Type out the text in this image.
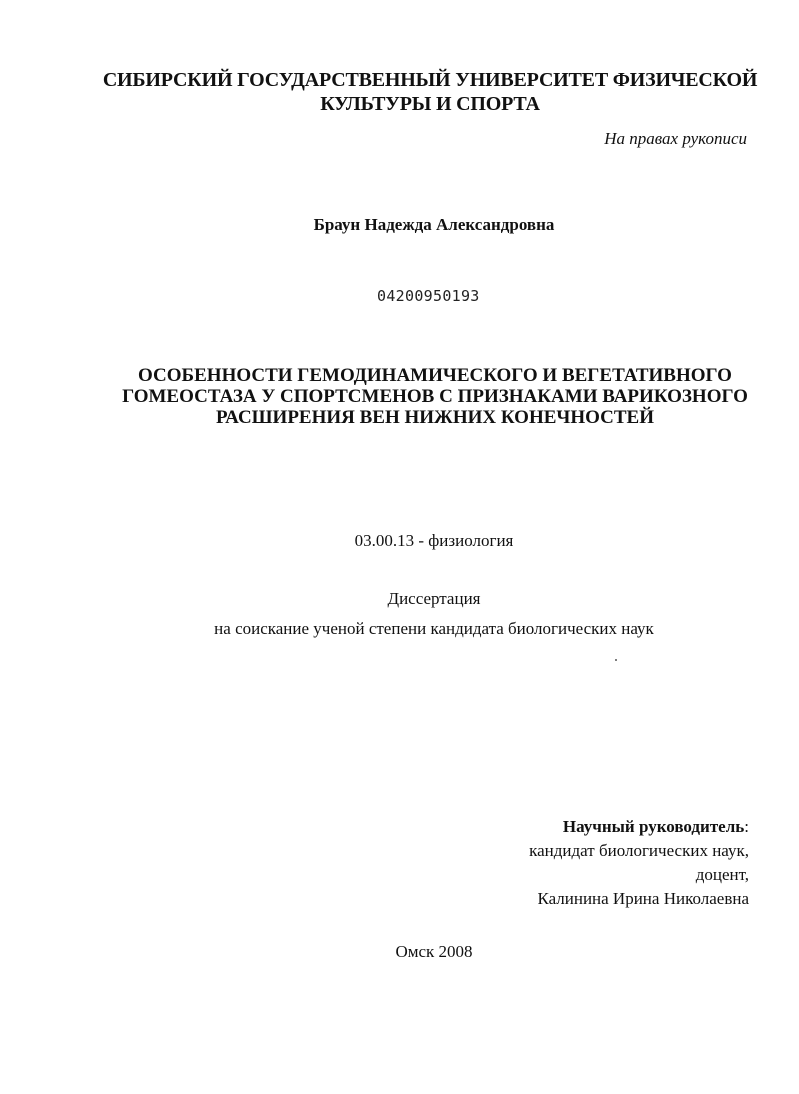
СИБИРСКИЙ ГОСУДАРСТВЕННЫЙ УНИВЕРСИТЕТ ФИЗИЧЕСКОЙ
КУЛЬТУРЫ И СПОРТА
На правах рукописи
Браун Надежда Александровна
04200950193
ОСОБЕННОСТИ ГЕМОДИНАМИЧЕСКОГО И ВЕГЕТАТИВНОГО
ГОМЕОСТАЗА У СПОРТСМЕНОВ С ПРИЗНАКАМИ ВАРИКОЗНОГО
РАСШИРЕНИЯ ВЕН НИЖНИХ КОНЕЧНОСТЕЙ
03.00.13 - физиология
Диссертация
на соискание ученой степени кандидата биологических наук
Научный руководитель:
кандидат биологических наук,
доцент,
Калинина Ирина Николаевна
Омск 2008
